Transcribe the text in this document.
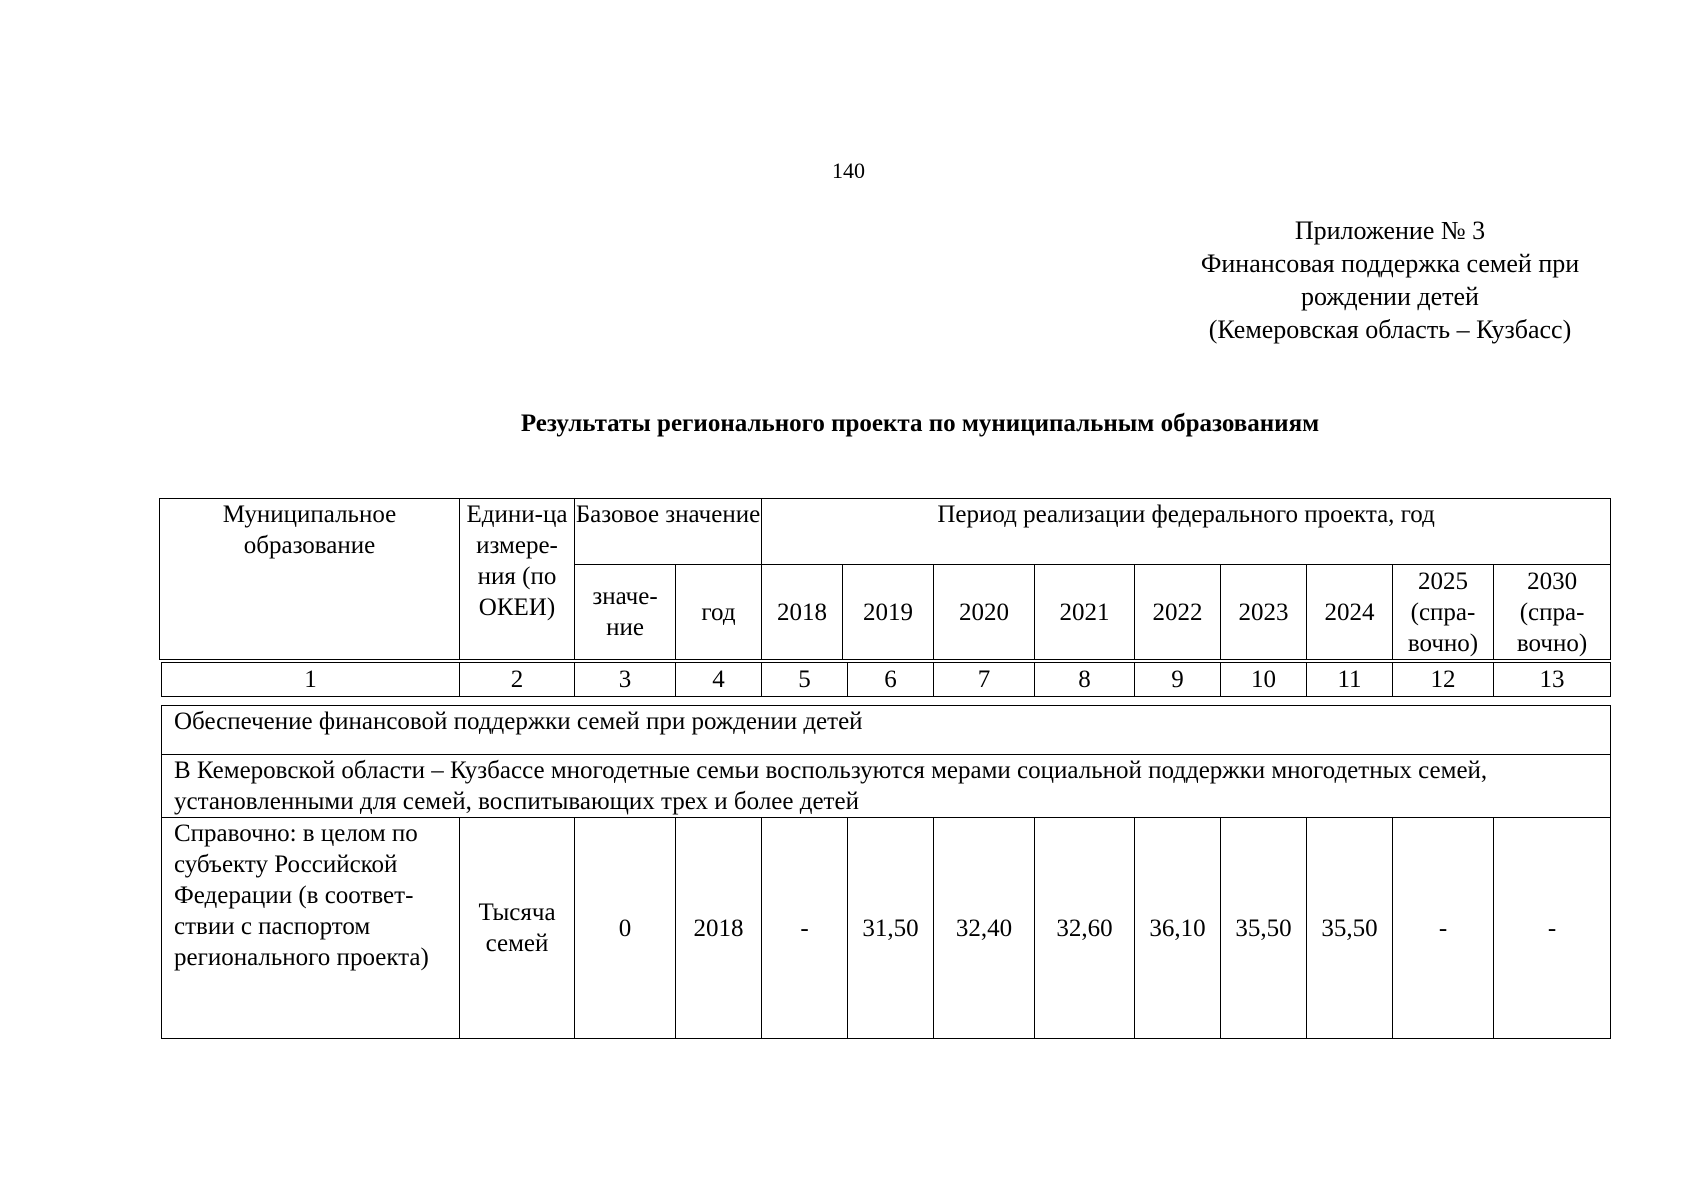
140
Приложение № 3
Финансовая поддержка семей при
рождении детей
(Кемеровская область – Кузбасс)
Результаты регионального проекта по муниципальным образованиям
Муниципальное образование	Едини-ца измере-ния (по ОКЕИ)	Базовое значение		Период реализации федерального проекта, год								
		значе-ние	год	2018	2019	2020	2021	2022	2023	2024	2025 (спра-вочно)	2030 (спра-вочно)
1	2	3	4	5	6	7	8	9	10	11	12	13
Обеспечение финансовой поддержки семей при рождении детей
В Кемеровской области – Кузбассе многодетные семьи воспользуются мерами социальной поддержки многодетных семей, установленными для семей, воспитывающих трех и более детей
Справочно: в целом по субъекту Российской Федерации (в соответ-ствии с паспортом регионального проекта)	Тысяча семей	0	2018	-	31,50	32,40	32,60	36,10	35,50	35,50	-	-
